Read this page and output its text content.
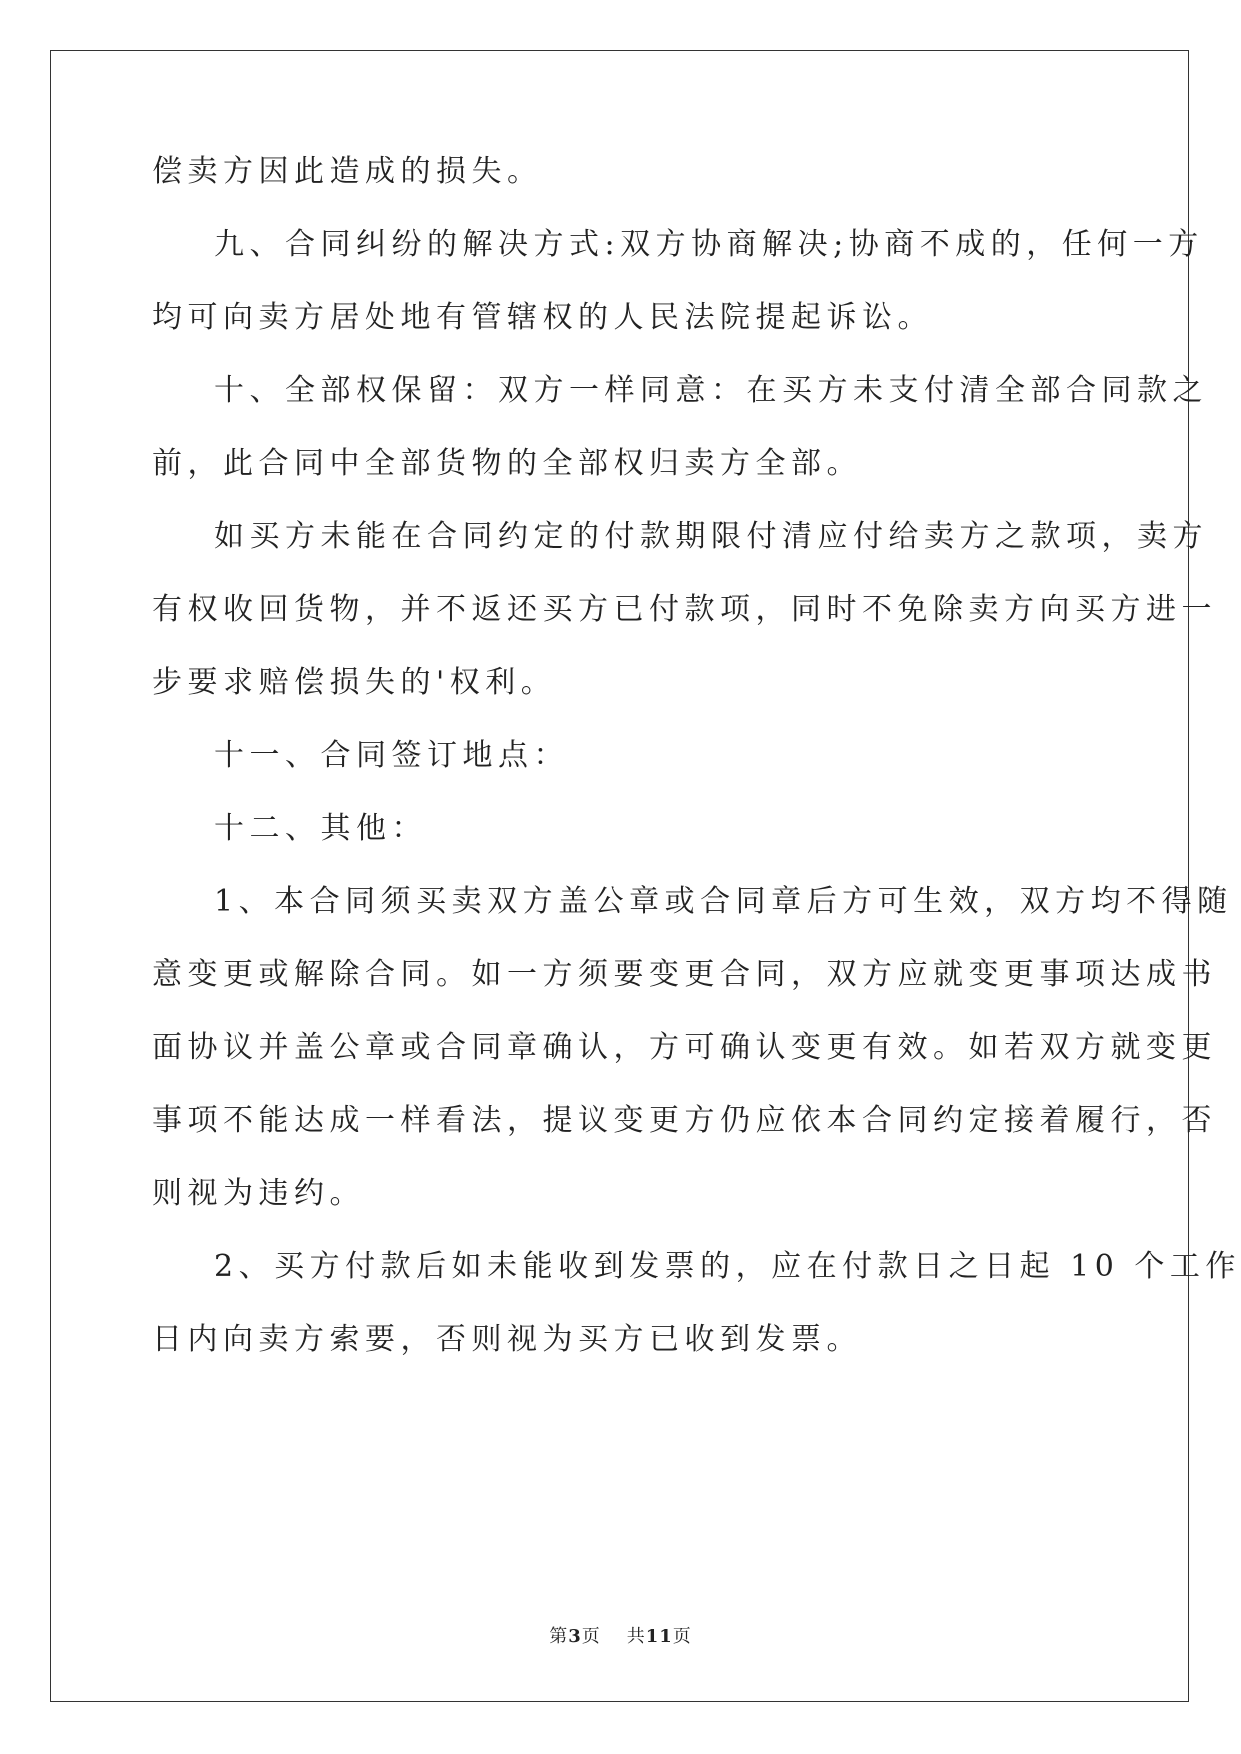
偿卖方因此造成的损失。
九、合同纠纷的解决方式:双方协商解决;协商不成的，任何一方
均可向卖方居处地有管辖权的人民法院提起诉讼。
十、全部权保留：双方一样同意：在买方未支付清全部合同款之
前，此合同中全部货物的全部权归卖方全部。
如买方未能在合同约定的付款期限付清应付给卖方之款项，卖方
有权收回货物，并不返还买方已付款项，同时不免除卖方向买方进一
步要求赔偿损失的'权利。
十一、合同签订地点：
十二、其他：
1、本合同须买卖双方盖公章或合同章后方可生效，双方均不得随
意变更或解除合同。如一方须要变更合同，双方应就变更事项达成书
面协议并盖公章或合同章确认，方可确认变更有效。如若双方就变更
事项不能达成一样看法，提议变更方仍应依本合同约定接着履行，否
则视为违约。
2、买方付款后如未能收到发票的，应在付款日之日起 10 个工作
日内向卖方索要，否则视为买方已收到发票。
第3页 共11页
